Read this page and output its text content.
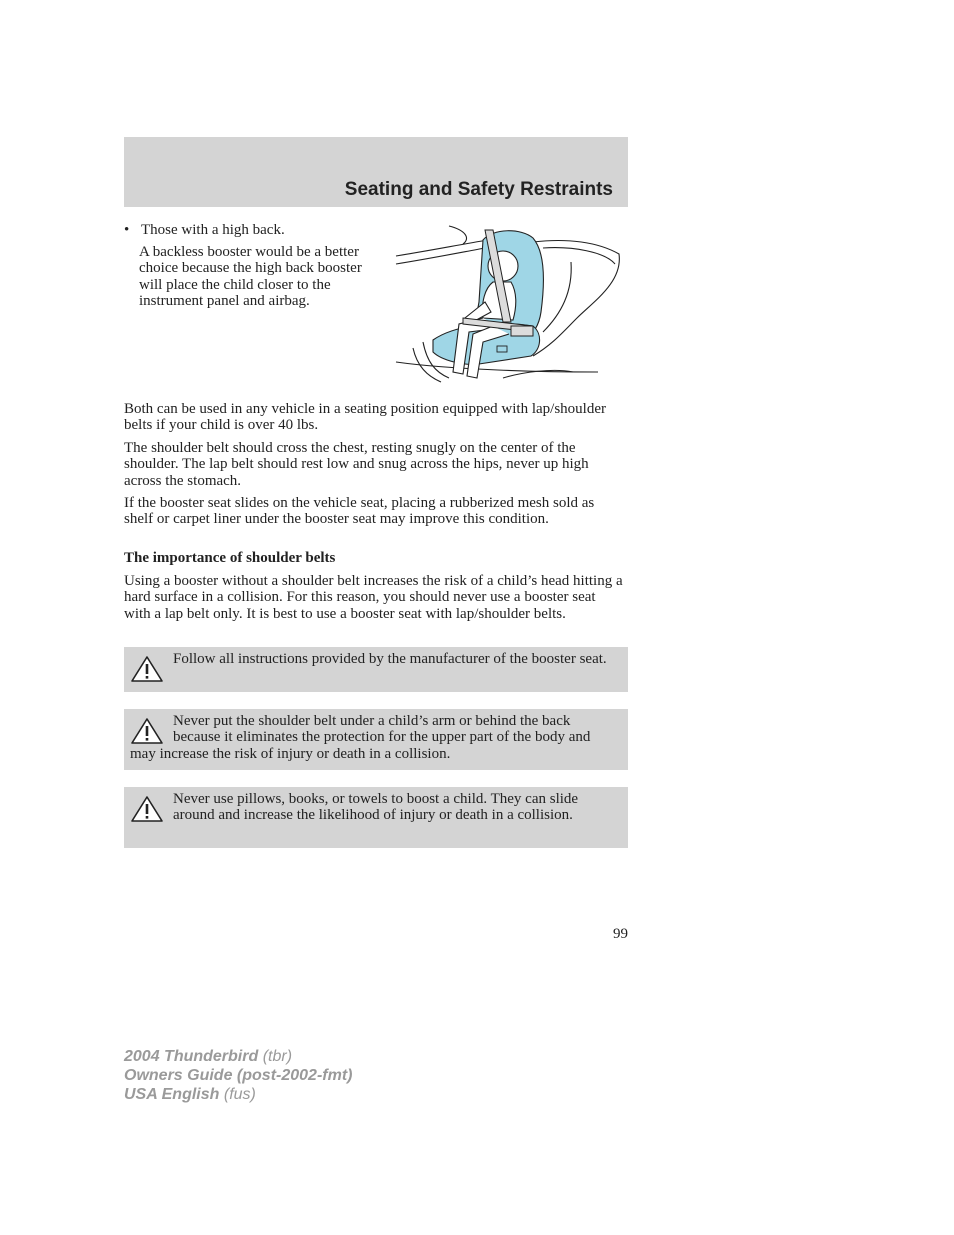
Seating and Safety Restraints
• Those with a high back.

A backless booster would be a better choice because the high back booster will place the child closer to the instrument panel and airbag.

Both can be used in any vehicle in a seating position equipped with lap/shoulder belts if your child is over 40 lbs.

The shoulder belt should cross the chest, resting snugly on the center of the shoulder. The lap belt should rest low and snug across the hips, never up high across the stomach.

If the booster seat slides on the vehicle seat, placing a rubberized mesh sold as shelf or carpet liner under the booster seat may improve this condition.

The importance of shoulder belts

Using a booster without a shoulder belt increases the risk of a child’s head hitting a hard surface in a collision. For this reason, you should never use a booster seat with a lap belt only. It is best to use a booster seat with lap/shoulder belts.

Follow all instructions provided by the manufacturer of the booster seat.

Never put the shoulder belt under a child’s arm or behind the back because it eliminates the protection for the upper part of the body and may increase the risk of injury or death in a collision.

Never use pillows, books, or towels to boost a child. They can slide around and increase the likelihood of injury or death in a collision.

99
2004 Thunderbird (tbr)
Owners Guide (post-2002-fmt)
USA English (fus)
